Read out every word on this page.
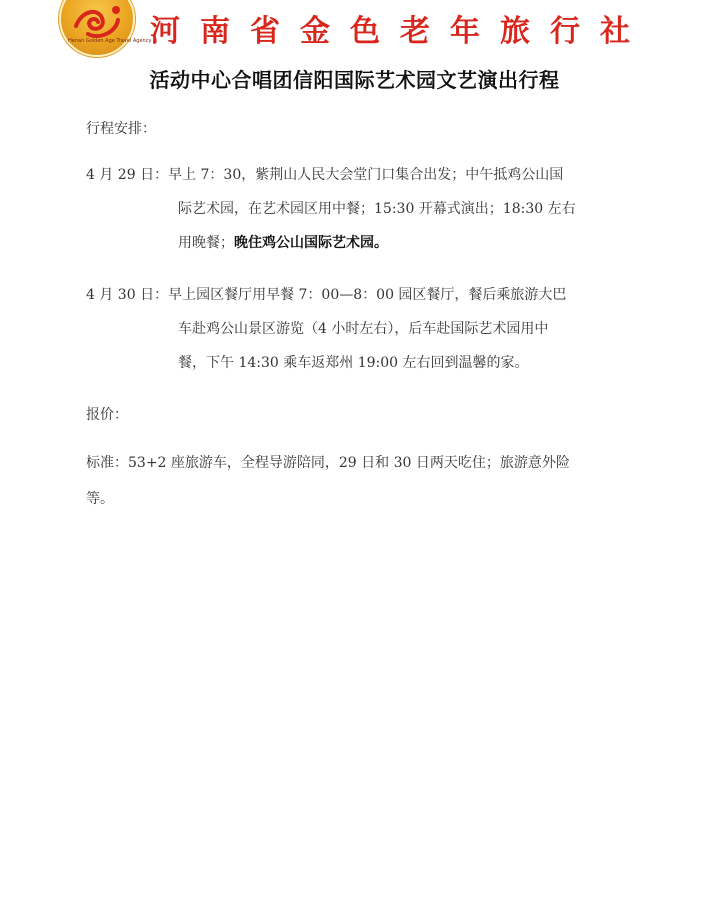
Henan Golden Age Travel Agency
河南省金色老年旅行社
活动中心合唱团信阳国际艺术园文艺演出行程
行程安排：
4 月 29 日：早上 7：30，紫荆山人民大会堂门口集合出发；中午抵鸡公山国
际艺术园，在艺术园区用中餐；15:30 开幕式演出；18:30 左右
用晚餐；晚住鸡公山国际艺术园。
4 月 30 日：早上园区餐厅用早餐 7：00—8：00 园区餐厅，餐后乘旅游大巴
车赴鸡公山景区游览（4 小时左右），后车赴国际艺术园用中
餐，下午 14:30 乘车返郑州 19:00 左右回到温馨的家。
报价：
标准：53+2 座旅游车，全程导游陪同，29 日和 30 日两天吃住；旅游意外险
等。
